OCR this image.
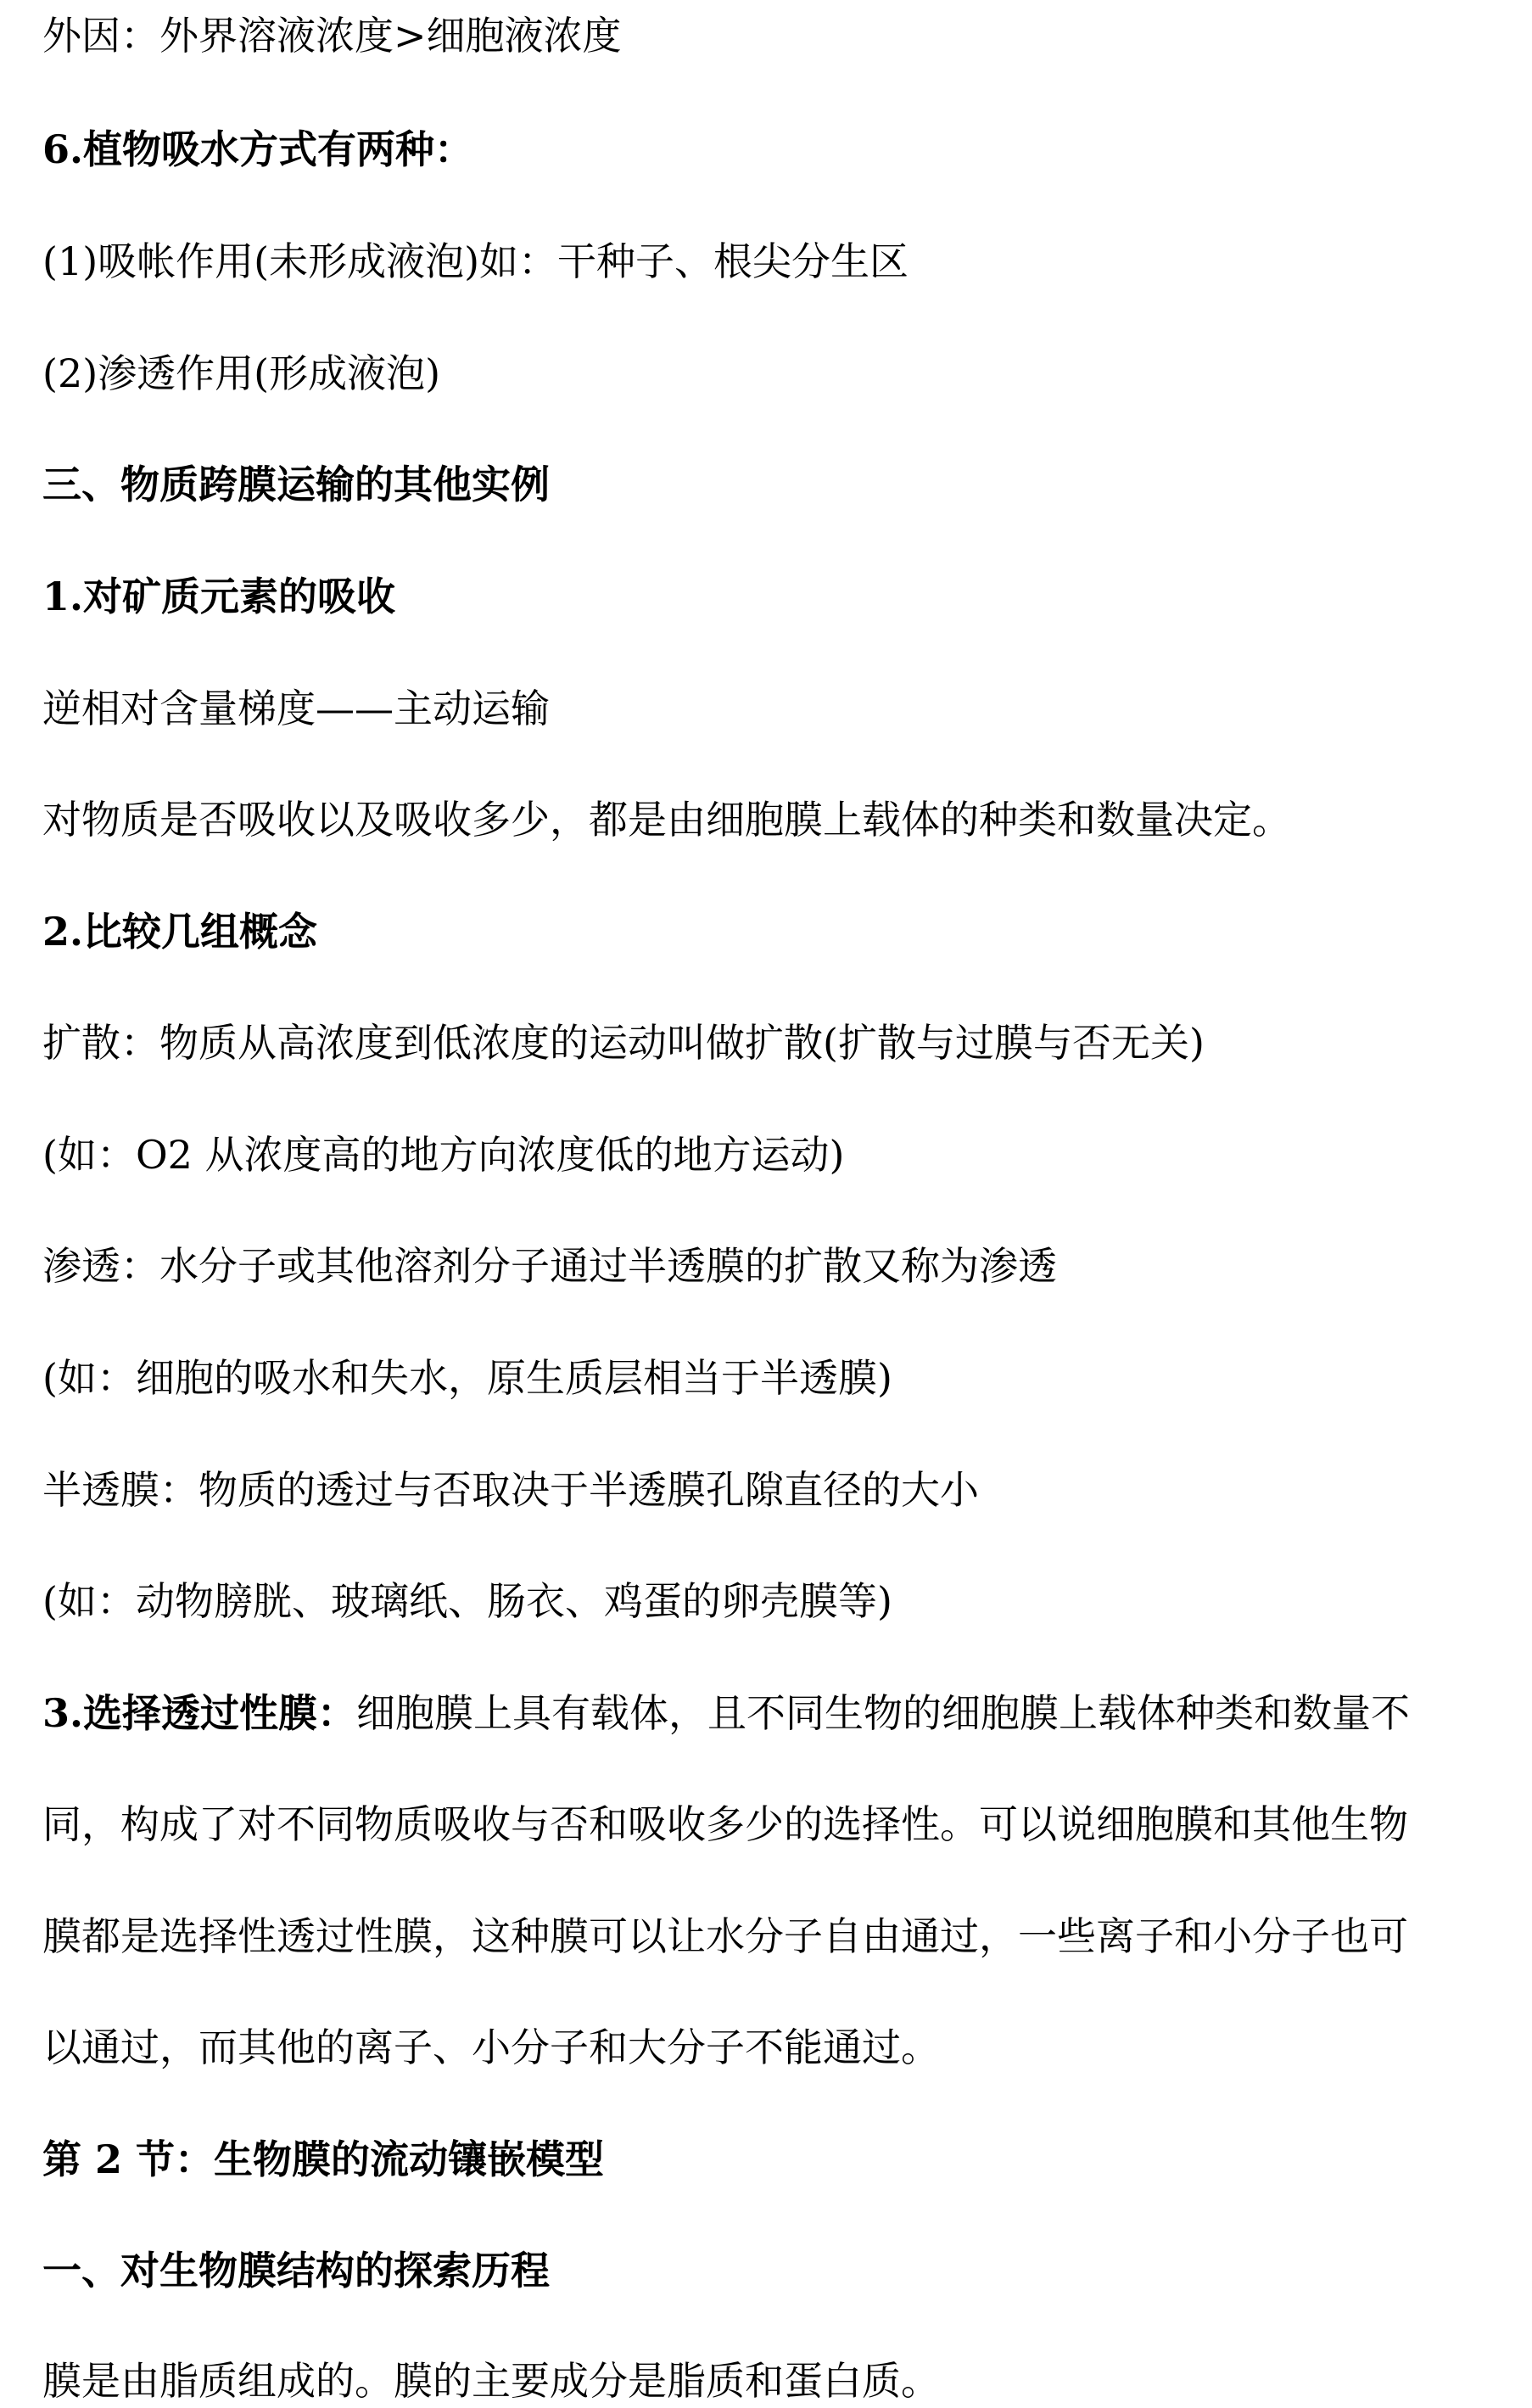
外因：外界溶液浓度>细胞液浓度
6.植物吸水方式有两种：
(1)吸帐作用(未形成液泡)如：干种子、根尖分生区
(2)渗透作用(形成液泡)
三、物质跨膜运输的其他实例
1.对矿质元素的吸收
逆相对含量梯度——主动运输
对物质是否吸收以及吸收多少，都是由细胞膜上载体的种类和数量决定。
2.比较几组概念
扩散：物质从高浓度到低浓度的运动叫做扩散(扩散与过膜与否无关)
(如：O2 从浓度高的地方向浓度低的地方运动)
渗透：水分子或其他溶剂分子通过半透膜的扩散又称为渗透
(如：细胞的吸水和失水，原生质层相当于半透膜)
半透膜：物质的透过与否取决于半透膜孔隙直径的大小
(如：动物膀胱、玻璃纸、肠衣、鸡蛋的卵壳膜等)
3.选择透过性膜：细胞膜上具有载体，且不同生物的细胞膜上载体种类和数量不
同，构成了对不同物质吸收与否和吸收多少的选择性。可以说细胞膜和其他生物
膜都是选择性透过性膜，这种膜可以让水分子自由通过，一些离子和小分子也可
以通过，而其他的离子、小分子和大分子不能通过。
第 2 节：生物膜的流动镶嵌模型
一、对生物膜结构的探索历程
膜是由脂质组成的。膜的主要成分是脂质和蛋白质。
